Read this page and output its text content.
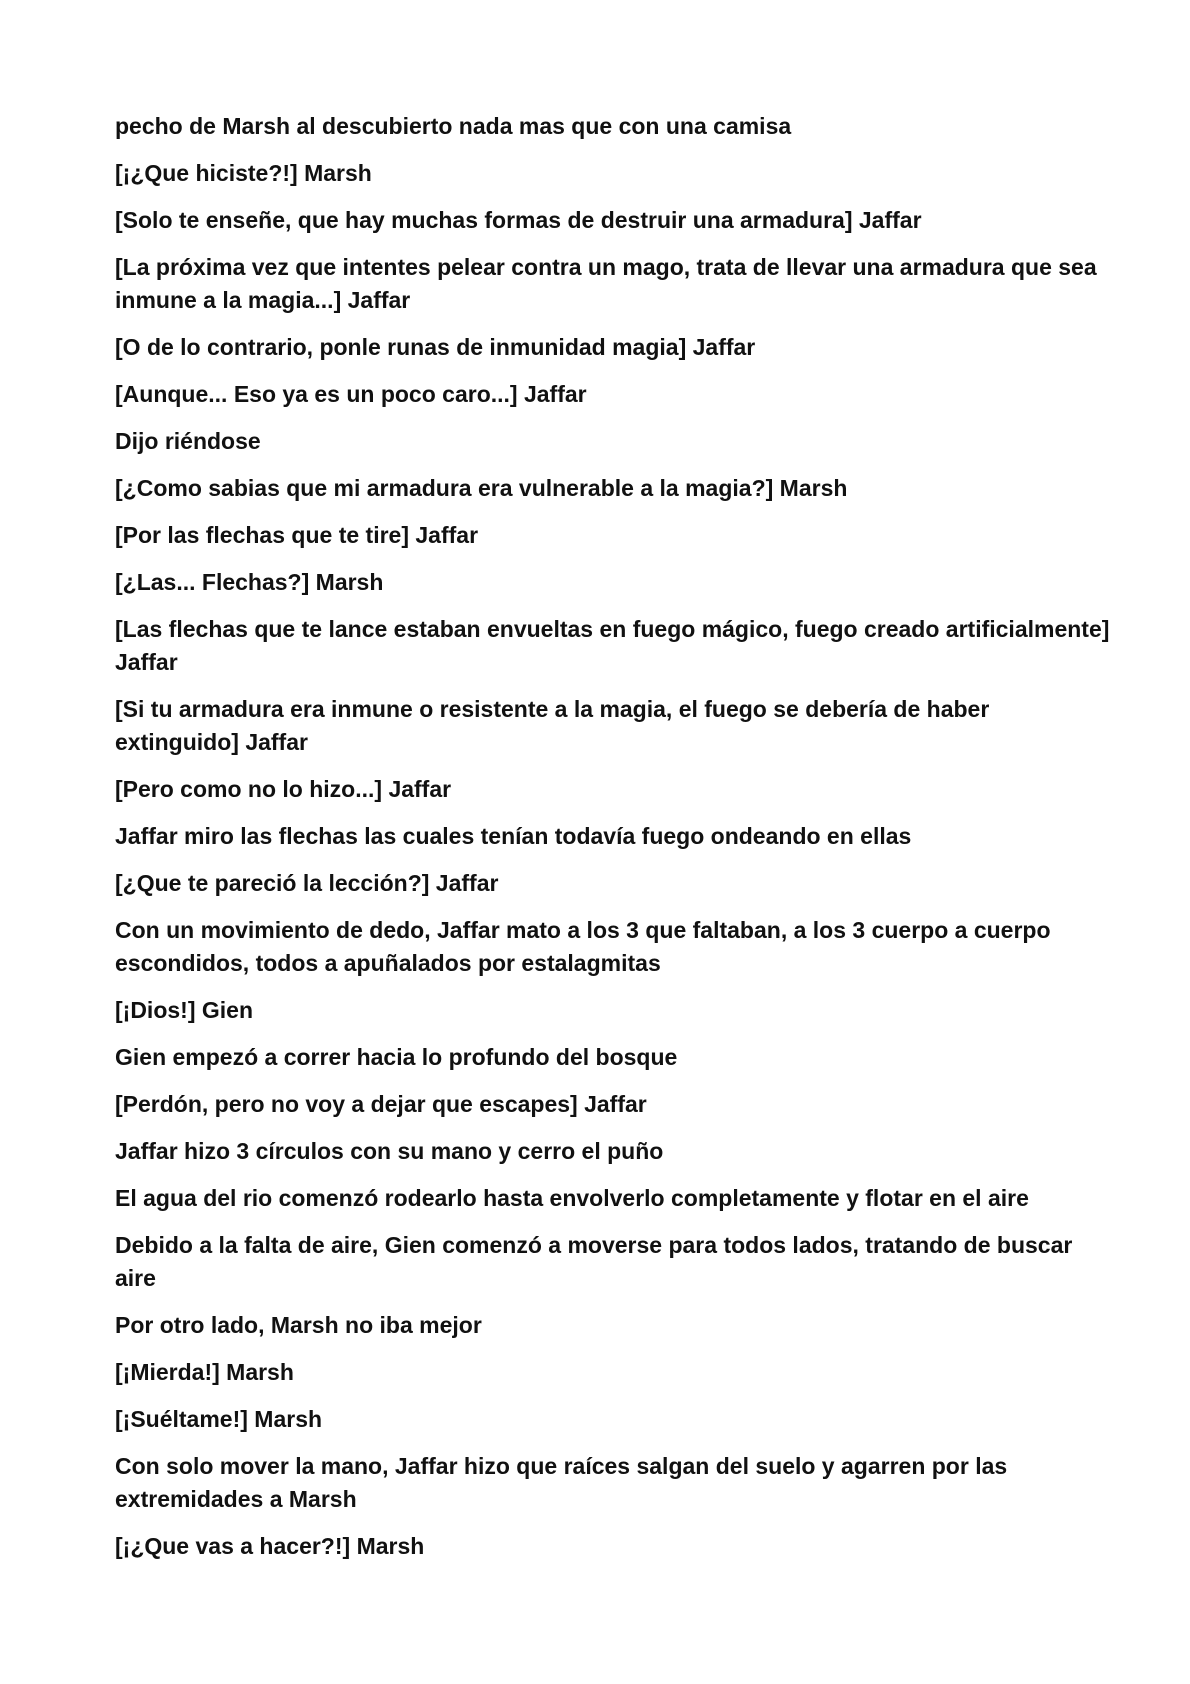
pecho de Marsh al descubierto nada mas que con una camisa

[¡¿Que hiciste?!] Marsh

[Solo te enseñe, que hay muchas formas de destruir una armadura] Jaffar

[La próxima vez que intentes pelear contra un mago, trata de llevar una armadura que sea inmune a la magia...] Jaffar

[O de lo contrario, ponle runas de inmunidad magia] Jaffar

[Aunque... Eso ya es un poco caro...] Jaffar

Dijo riéndose

[¿Como sabias que mi armadura era vulnerable a la magia?] Marsh

[Por las flechas que te tire] Jaffar

[¿Las... Flechas?] Marsh

[Las flechas que te lance estaban envueltas en fuego mágico, fuego creado artificialmente] Jaffar

[Si tu armadura era inmune o resistente a la magia, el fuego se debería de haber extinguido] Jaffar

[Pero como no lo hizo...] Jaffar

Jaffar miro las flechas las cuales tenían todavía fuego ondeando en ellas

[¿Que te pareció la lección?] Jaffar

Con un movimiento de dedo, Jaffar mato a los 3 que faltaban, a los 3 cuerpo a cuerpo escondidos, todos a apuñalados por estalagmitas

[¡Dios!] Gien

Gien empezó a correr hacia lo profundo del bosque

[Perdón, pero no voy a dejar que escapes] Jaffar

Jaffar hizo 3 círculos con su mano y cerro el puño

El agua del rio comenzó rodearlo hasta envolverlo completamente y flotar en el aire

Debido a la falta de aire, Gien comenzó a moverse para todos lados, tratando de buscar aire

Por otro lado, Marsh no iba mejor

[¡Mierda!] Marsh

[¡Suéltame!] Marsh

Con solo mover la mano, Jaffar hizo que raíces salgan del suelo y agarren por las extremidades a Marsh

[¡¿Que vas a hacer?!] Marsh
